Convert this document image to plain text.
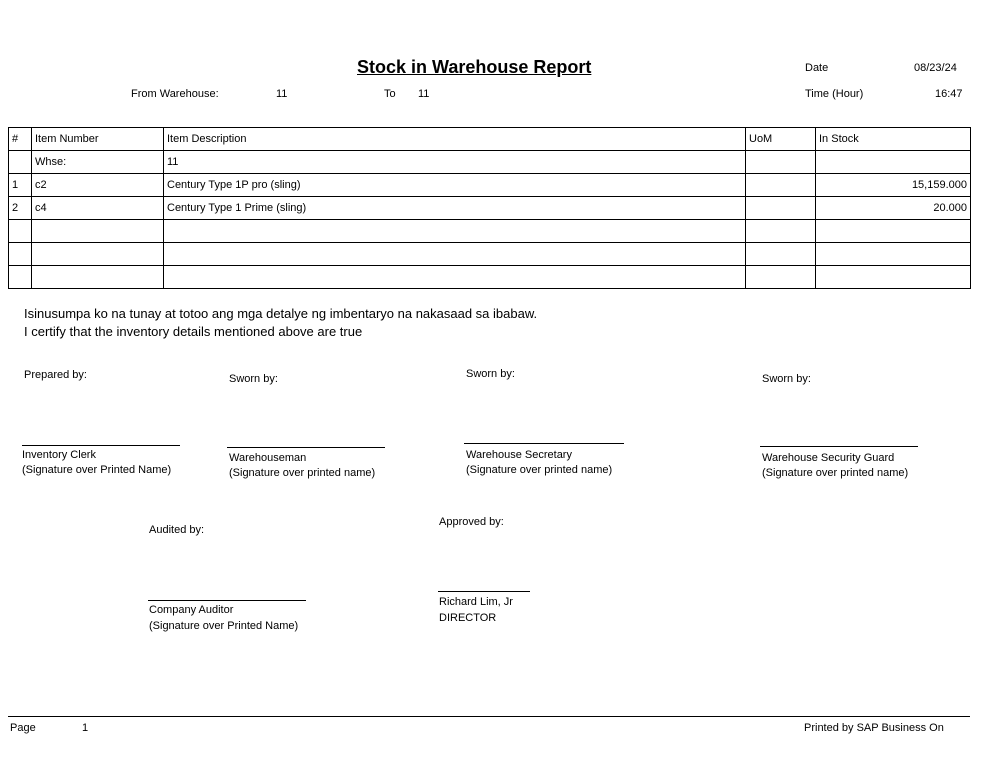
Stock in Warehouse Report
From Warehouse:	11	To 11
Date	08/23/24
Time (Hour)	16:47
#	Item Number	Item Description	UoM	In Stock
	Whse:	11		
1	c2	Century Type 1P pro (sling)		15,159.000
2	c4	Century Type 1 Prime (sling)		20.000

Isinusumpa ko na tunay at totoo ang mga detalye ng imbentaryo na nakasaad sa ibabaw.
I certify that the inventory details mentioned above are true
Prepared by:
Inventory Clerk
(Signature over Printed Name)
Sworn by:
Warehouseman
(Signature over printed name)
Sworn by:
Warehouse Secretary
(Signature over printed name)
Sworn by:
Warehouse Security Guard
(Signature over printed name)
Audited by:
Company Auditor
(Signature over Printed Name)
Approved by:
Richard Lim, Jr
DIRECTOR
Page	1	Printed by SAP Business On
